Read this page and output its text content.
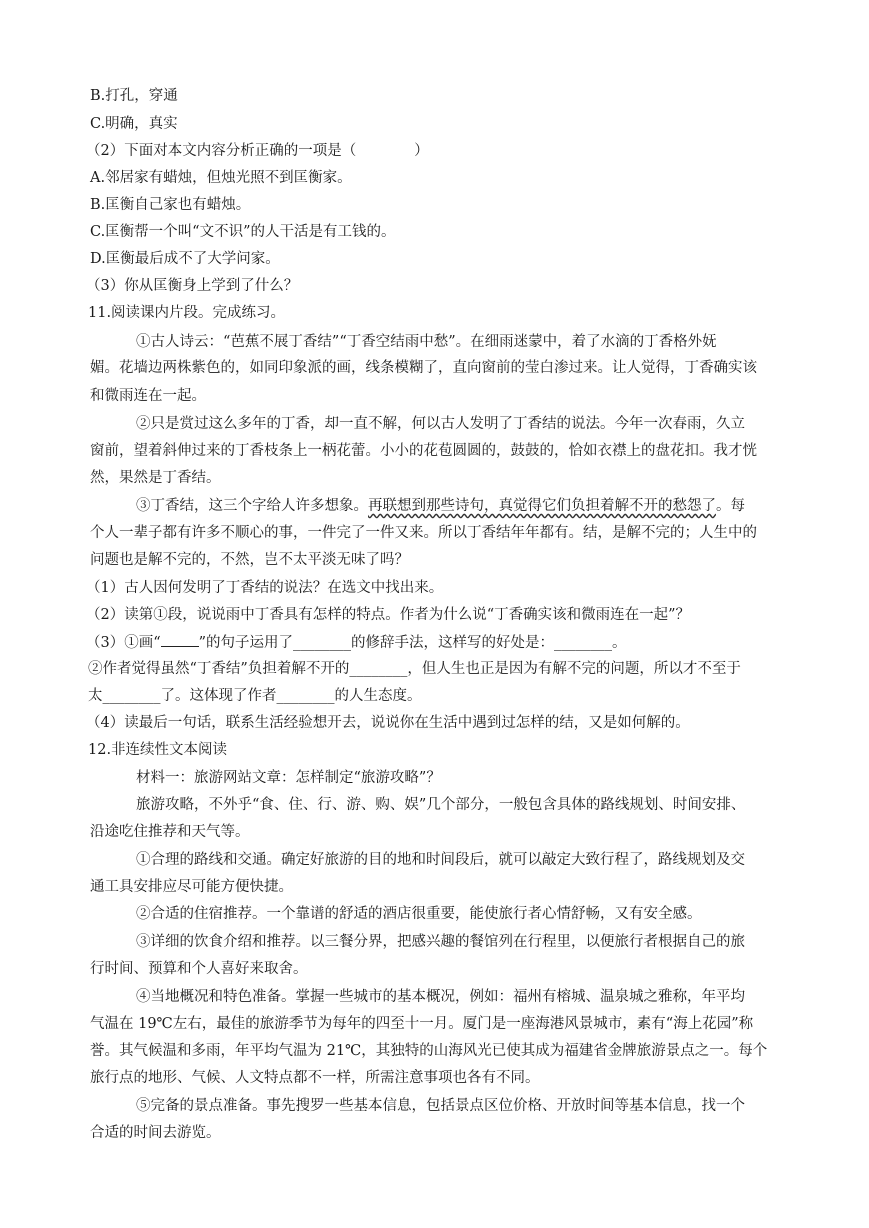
B.打孔，穿通
C.明确，真实
（2）下面对本文内容分析正确的一项是（　　　　）
A.邻居家有蜡烛，但烛光照不到匡衡家。
B.匡衡自己家也有蜡烛。
C.匡衡帮一个叫“文不识”的人干活是有工钱的。
D.匡衡最后成不了大学问家。
（3）你从匡衡身上学到了什么？
11.阅读课内片段。完成练习。
①古人诗云：“芭蕉不展丁香结”“丁香空结雨中愁”。在细雨迷蒙中，着了水滴的丁香格外妩
媚。花墙边两株紫色的，如同印象派的画，线条模糊了，直向窗前的莹白渗过来。让人觉得，丁香确实该
和微雨连在一起。
②只是赏过这么多年的丁香，却一直不解，何以古人发明了丁香结的说法。今年一次春雨，久立
窗前，望着斜伸过来的丁香枝条上一柄花蕾。小小的花苞圆圆的，鼓鼓的，恰如衣襟上的盘花扣。我才恍
然，果然是丁香结。
③丁香结，这三个字给人许多想象。再联想到那些诗句，真觉得它们负担着解不开的愁怨了。每
个人一辈子都有许多不顺心的事，一件完了一件又来。所以丁香结年年都有。结，是解不完的；人生中的
问题也是解不完的，不然，岂不太平淡无味了吗？
（1）古人因何发明了丁香结的说法？在选文中找出来。
（2）读第①段，说说雨中丁香具有怎样的特点。作者为什么说“丁香确实该和微雨连在一起”？
（3）①画“	”的句子运用了________的修辞手法，这样写的好处是：________。
②作者觉得虽然“丁香结”负担着解不开的________，但人生也正是因为有解不完的问题，所以才不至于
太________了。这体现了作者________的人生态度。
（4）读最后一句话，联系生活经验想开去，说说你在生活中遇到过怎样的结，又是如何解的。
12.非连续性文本阅读
材料一：旅游网站文章：怎样制定“旅游攻略”？
旅游攻略，不外乎“食、住、行、游、购、娱”几个部分，一般包含具体的路线规划、时间安排、
沿途吃住推荐和天气等。
①合理的路线和交通。确定好旅游的目的地和时间段后，就可以敲定大致行程了，路线规划及交
通工具安排应尽可能方便快捷。
②合适的住宿推荐。一个靠谱的舒适的酒店很重要，能使旅行者心情舒畅，又有安全感。
③详细的饮食介绍和推荐。以三餐分界，把感兴趣的餐馆列在行程里，以便旅行者根据自己的旅
行时间、预算和个人喜好来取舍。
④当地概况和特色准备。掌握一些城市的基本概况，例如：福州有榕城、温泉城之雅称，年平均
气温在 19℃左右，最佳的旅游季节为每年的四至十一月。厦门是一座海港风景城市，素有“海上花园”称
誉。其气候温和多雨，年平均气温为 21℃，其独特的山海风光已使其成为福建省金牌旅游景点之一。每个
旅行点的地形、气候、人文特点都不一样，所需注意事项也各有不同。
⑤完备的景点准备。事先搜罗一些基本信息，包括景点区位价格、开放时间等基本信息，找一个
合适的时间去游览。
